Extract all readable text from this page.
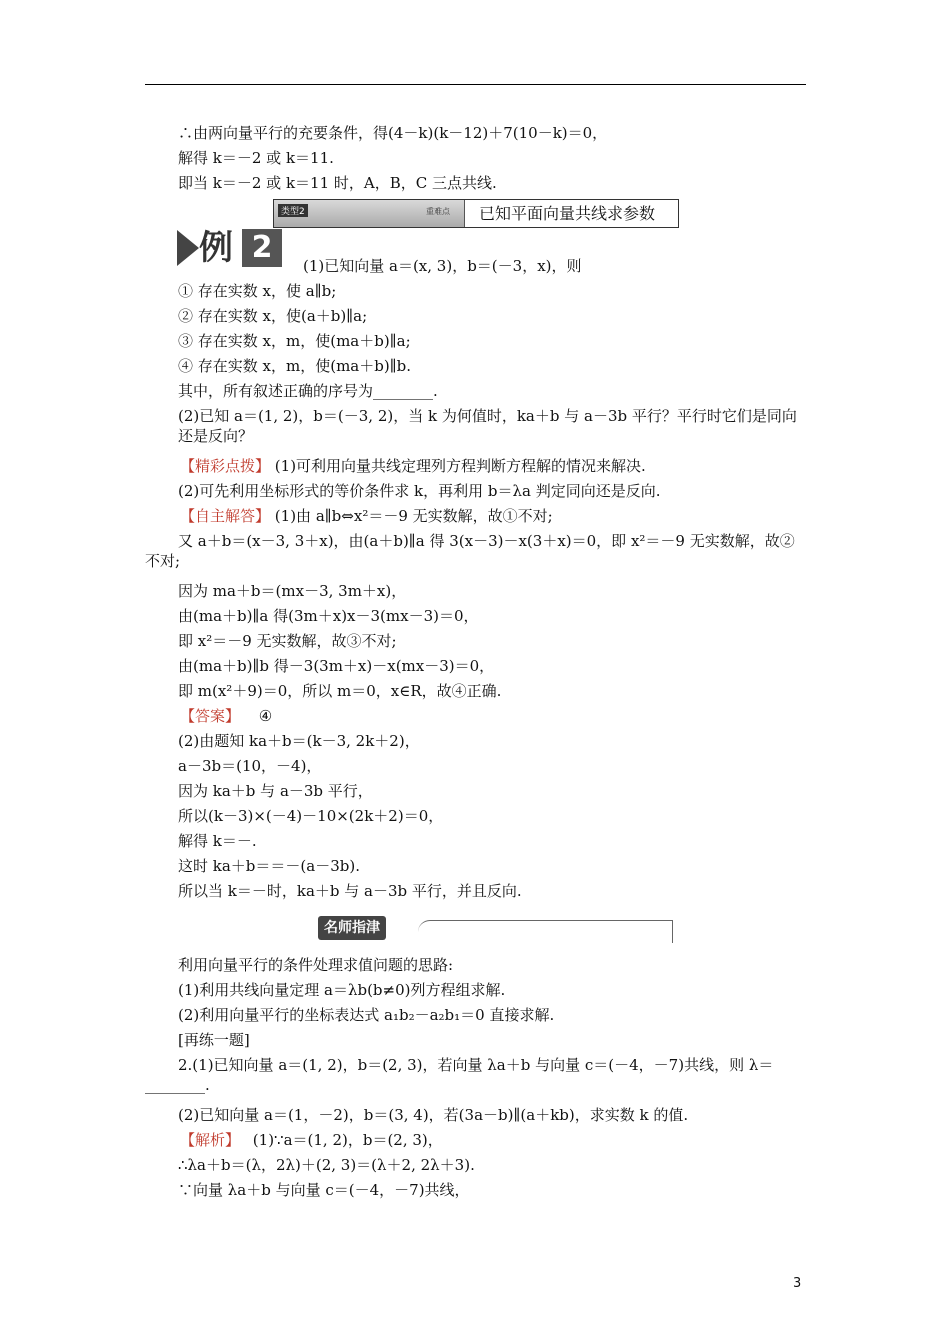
∴由两向量平行的充要条件，得(4－k)(k－12)＋7(10－k)＝0，
解得 k＝－2 或 k＝11.
即当 k＝－2 或 k＝11 时，A，B，C 三点共线.
类型2	重难点	已知平面向量共线求参数
例 2
(1)已知向量 a＝(x, 3)，b＝(－3，x)，则
① 存在实数 x，使 a∥b;
② 存在实数 x，使(a＋b)∥a;
③ 存在实数 x，m，使(ma＋b)∥a;
④ 存在实数 x，m，使(ma＋b)∥b.
其中，所有叙述正确的序号为________.
(2)已知 a＝(1, 2)，b＝(－3, 2)，当 k 为何值时，ka＋b 与 a－3b 平行？平行时它们是同向还是反向？
【精彩点拨】 (1)可利用向量共线定理列方程判断方程解的情况来解决.
(2)可先利用坐标形式的等价条件求 k，再利用 b＝λa 判定同向还是反向.
【自主解答】 (1)由 a∥b⇔x²＝－9 无实数解，故①不对;
又 a＋b＝(x－3, 3＋x)，由(a＋b)∥a 得 3(x－3)－x(3＋x)＝0，即 x²＝－9 无实数解，故②不对;
因为 ma＋b＝(mx－3, 3m＋x)，
由(ma＋b)∥a 得(3m＋x)x－3(mx－3)＝0，
即 x²＝－9 无实数解，故③不对;
由(ma＋b)∥b 得－3(3m＋x)－x(mx－3)＝0，
即 m(x²＋9)＝0，所以 m＝0，x∈R，故④正确.
【答案】 ④
(2)由题知 ka＋b＝(k－3, 2k＋2)，
a－3b＝(10，－4)，
因为 ka＋b 与 a－3b 平行，
所以(k－3)×(－4)－10×(2k＋2)＝0，
解得 k＝－.
这时 ka＋b＝＝－(a－3b).
所以当 k＝－时，ka＋b 与 a－3b 平行，并且反向.
名师指津
利用向量平行的条件处理求值问题的思路:
(1)利用共线向量定理 a＝λb(b≠0)列方程组求解.
(2)利用向量平行的坐标表达式 a₁b₂－a₂b₁＝0 直接求解.
[再练一题]
2.(1)已知向量 a＝(1, 2)，b＝(2, 3)，若向量 λa＋b 与向量 c＝(－4，－7)共线，则 λ＝________.
(2)已知向量 a＝(1，－2)，b＝(3, 4)，若(3a－b)∥(a＋kb)，求实数 k 的值.
【解析】 (1)∵a＝(1, 2)，b＝(2, 3)，
∴λa＋b＝(λ，2λ)＋(2, 3)＝(λ＋2, 2λ＋3).
∵向量 λa＋b 与向量 c＝(－4，－7)共线，
3
